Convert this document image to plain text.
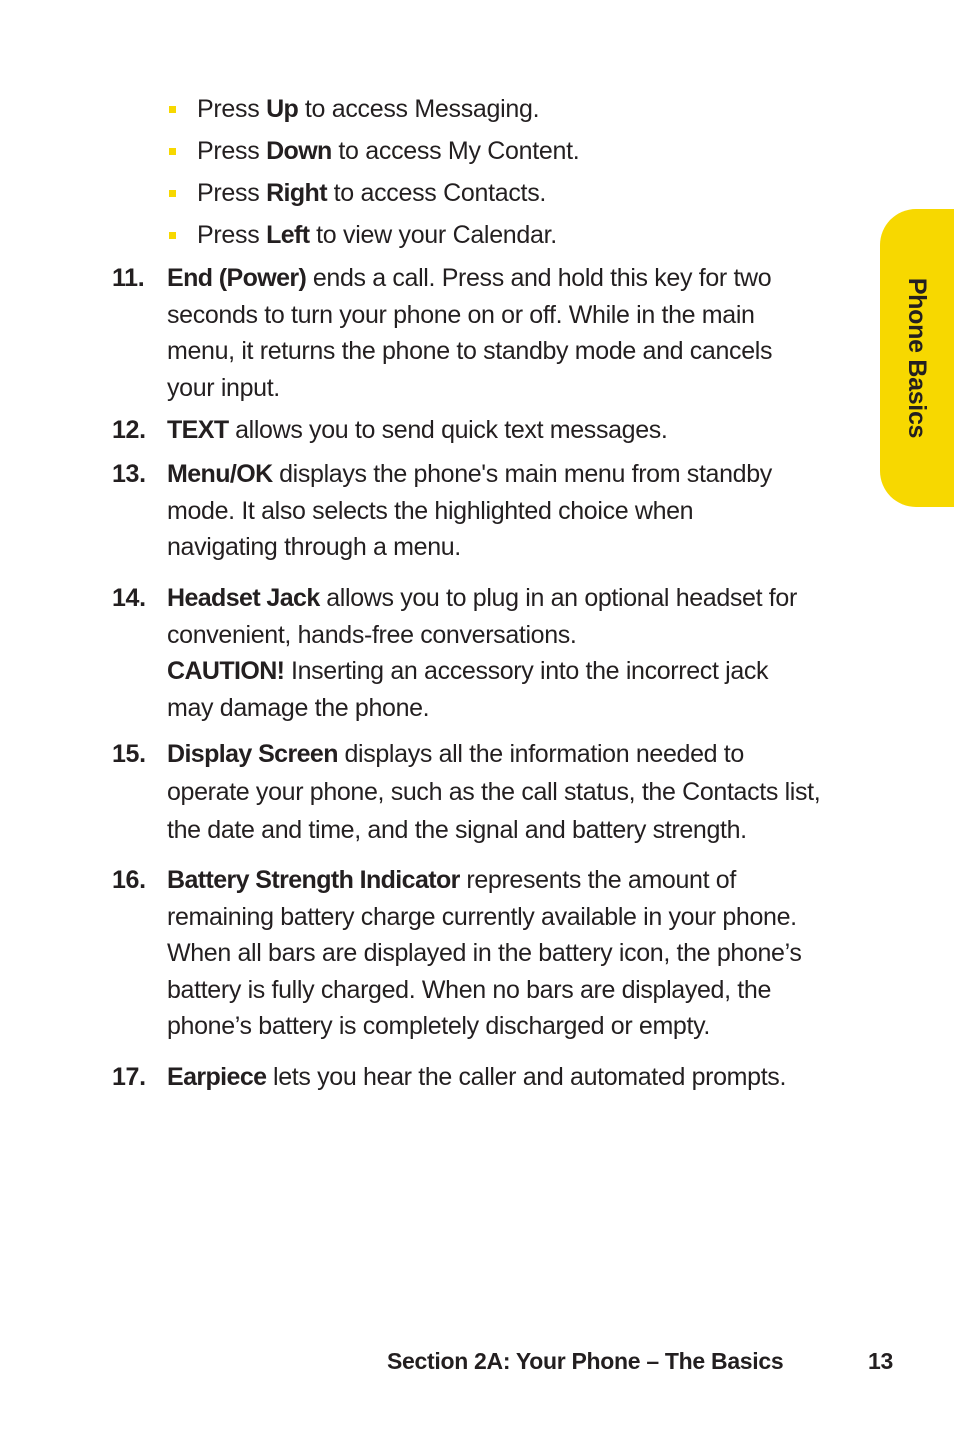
Phone Basics
Press Up to access Messaging.
Press Down to access My Content.
Press Right to access Contacts.
Press Left to view your Calendar.
11. End (Power) ends a call. Press and hold this key for two
seconds to turn your phone on or off. While in the main
menu, it returns the phone to standby mode and cancels
your input.
12. TEXT allows you to send quick text messages.
13. Menu/OK displays the phone's main menu from standby
mode. It also selects the highlighted choice when
navigating through a menu.
14. Headset Jack allows you to plug in an optional headset for
convenient, hands-free conversations.
CAUTION! Inserting an accessory into the incorrect jack
may damage the phone.
15. Display Screen displays all the information needed to
operate your phone, such as the call status, the Contacts list,
the date and time, and the signal and battery strength.
16. Battery Strength Indicator represents the amount of
remaining battery charge currently available in your phone.
When all bars are displayed in the battery icon, the phone’s
battery is fully charged. When no bars are displayed, the
phone’s battery is completely discharged or empty.
17. Earpiece lets you hear the caller and automated prompts.
Section 2A: Your Phone – The Basics	13
